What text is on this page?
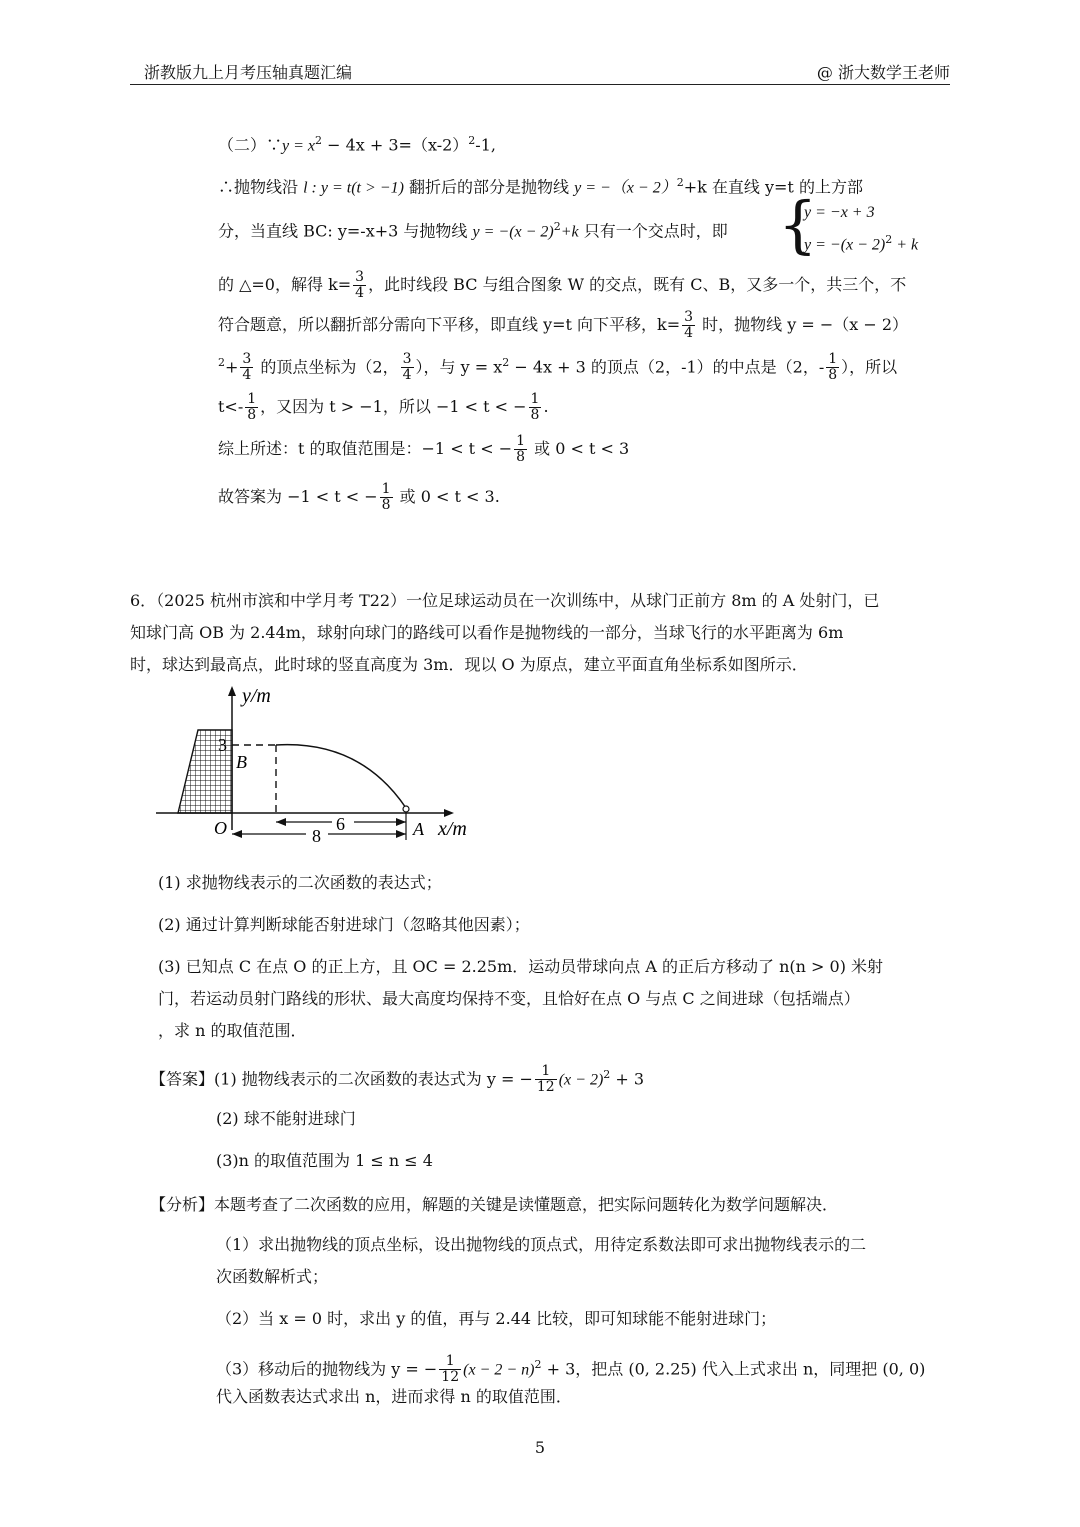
浙教版九上月考压轴真题汇编	@ 浙大数学王老师
（二）∵y = $x^2 - 4x + 3=(x-2)^2-1$,
∴抛物线沿 l : y = t(t > −1) 翻折后的部分是抛物线 $y = -(x - 2)^2+k$ 在直线 y=t 的上方部
分，当直线 BC: y=-x+3 与抛物线 $y = -(x - 2)^2+k$ 只有一个交点时，即 {
y = −x + 3
$y = -(x - 2)^2 + k$
的 △=0，解得 $k= \frac{3}{4}$ ，此时线段 BC 与组合图象 W 的交点，既有 C、B，又多一个，共三个，不
符合题意，所以翻折部分需向下平移，即直线 y=t 向下平移，$k= \frac{3}{4}$ 时，抛物线 y = −（x − 2）
$^2+ \frac{3}{4}$ 的顶点坐标为（2， $\frac{3}{4}$ ），与 $y = x^2 - 4x + 3$ 的顶点（2，-1）的中点是（2，- $\frac{1}{8}$ ），所以
$t<- \frac{1}{8}$ ，又因为 t > −1，所以 −1 < t < − $\frac{1}{8}$ .
综上所述：t 的取值范围是：−1 < t < − $\frac{1}{8}$ 或 0 < t < 3
故答案为 −1 < t < − $\frac{1}{8}$ 或 0 < t < 3.
6．（2025 杭州市滨和中学月考 T22）一位足球运动员在一次训练中，从球门正前方 8m 的 A 处射门，已
知球门高 OB 为 2.44m，球射向球门的路线可以看作是抛物线的一部分，当球飞行的水平距离为 6m
时，球达到最高点，此时球的竖直高度为 3m．现以 O 为原点，建立平面直角坐标系如图所示．
y/m
3
B
O	6
8	A x/m
(1) 求抛物线表示的二次函数的表达式；
(2) 通过计算判断球能否射进球门（忽略其他因素）；
(3) 已知点 C 在点 O 的正上方，且 OC = 2.25m．运动员带球向点 A 的正后方移动了 n(n > 0) 米射
门，若运动员射门路线的形状、最大高度均保持不变，且恰好在点 O 与点 C 之间进球（包括端点）
，求 n 的取值范围．
【答案】(1) 抛物线表示的二次函数的表达式为 y = − $\frac{1}{12} (x - 2)^2 + 3$
(2) 球不能射进球门
(3)n 的取值范围为 1 ≤ n ≤ 4
【分析】本题考查了二次函数的应用，解题的关键是读懂题意，把实际问题转化为数学问题解决．
（1）求出抛物线的顶点坐标，设出抛物线的顶点式，用待定系数法即可求出抛物线表示的二
次函数解析式；
（2）当 x = 0 时，求出 y 的值，再与 2.44 比较，即可知球能不能射进球门；
（3）移动后的抛物线为 y = − $\frac{1}{12} (x - 2 - n)^2 + 3$，把点 (0, 2.25) 代入上式求出 n，同理把 (0, 0)
代入函数表达式求出 n，进而求得 n 的取值范围．
5
